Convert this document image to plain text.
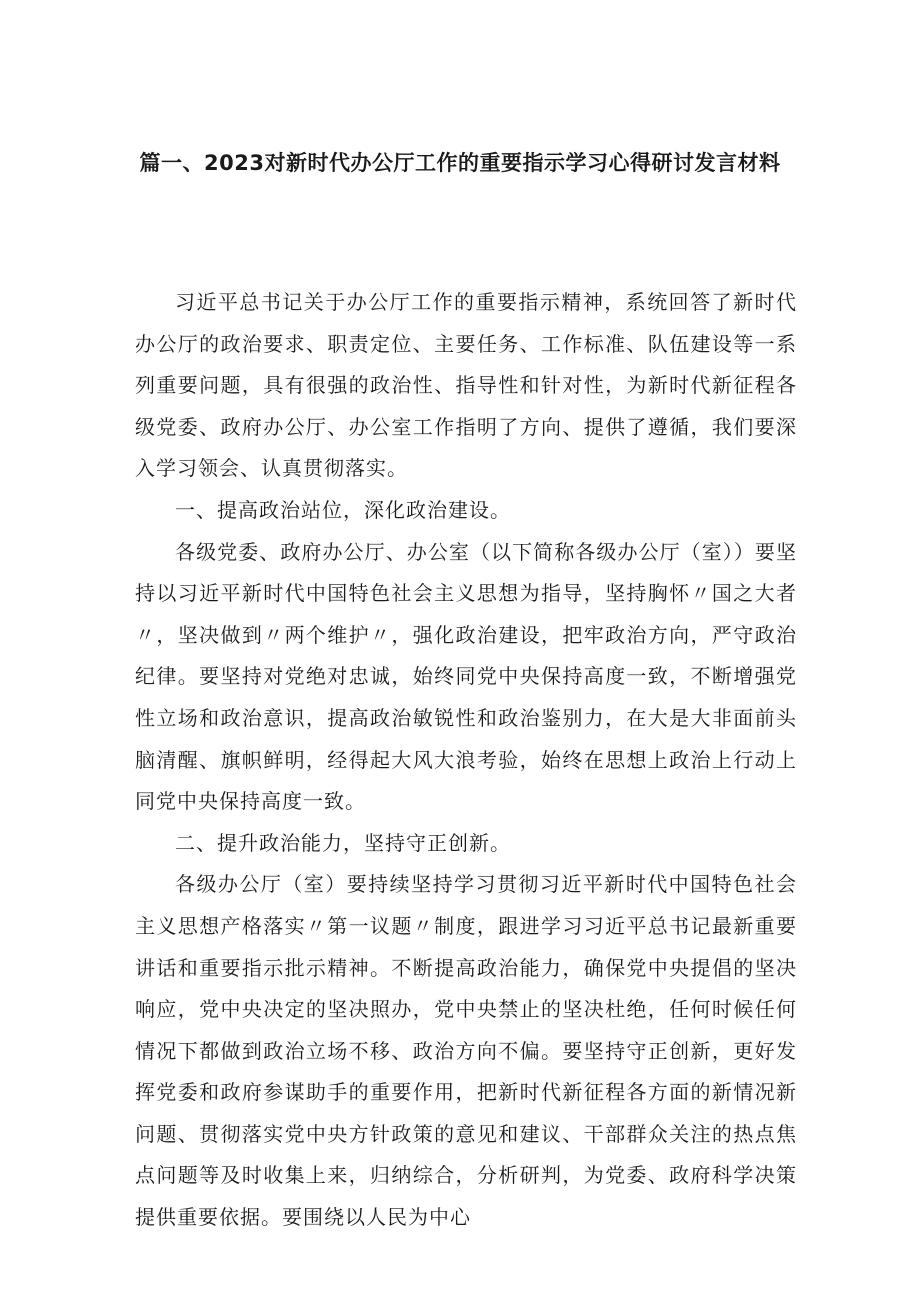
篇一、2023对新时代办公厅工作的重要指示学习心得研讨发言材料

习近平总书记关于办公厅工作的重要指示精神，系统回答了新时代办公厅的政治要求、职责定位、主要任务、工作标准、队伍建设等一系列重要问题，具有很强的政治性、指导性和针对性，为新时代新征程各级党委、政府办公厅、办公室工作指明了方向、提供了遵循，我们要深入学习领会、认真贯彻落实。

一、提高政治站位，深化政治建设。

各级党委、政府办公厅、办公室（以下简称各级办公厅（室））要坚持以习近平新时代中国特色社会主义思想为指导，坚持胸怀〃国之大者〃，坚决做到〃两个维护〃，强化政治建设，把牢政治方向，严守政治纪律。要坚持对党绝对忠诚，始终同党中央保持高度一致，不断增强党性立场和政治意识，提高政治敏锐性和政治鉴别力，在大是大非面前头脑清醒、旗帜鲜明，经得起大风大浪考验，始终在思想上政治上行动上同党中央保持高度一致。

二、提升政治能力，坚持守正创新。

各级办公厅（室）要持续坚持学习贯彻习近平新时代中国特色社会主义思想产格落实〃第一议题〃制度，跟进学习习近平总书记最新重要讲话和重要指示批示精神。不断提高政治能力，确保党中央提倡的坚决响应，党中央决定的坚决照办，党中央禁止的坚决杜绝，任何时候任何情况下都做到政治立场不移、政治方向不偏。要坚持守正创新，更好发挥党委和政府参谋助手的重要作用，把新时代新征程各方面的新情况新问题、贯彻落实党中央方针政策的意见和建议、干部群众关注的热点焦点问题等及时收集上来，归纳综合，分析研判，为党委、政府科学决策提供重要依据。要围绕以人民为中心
